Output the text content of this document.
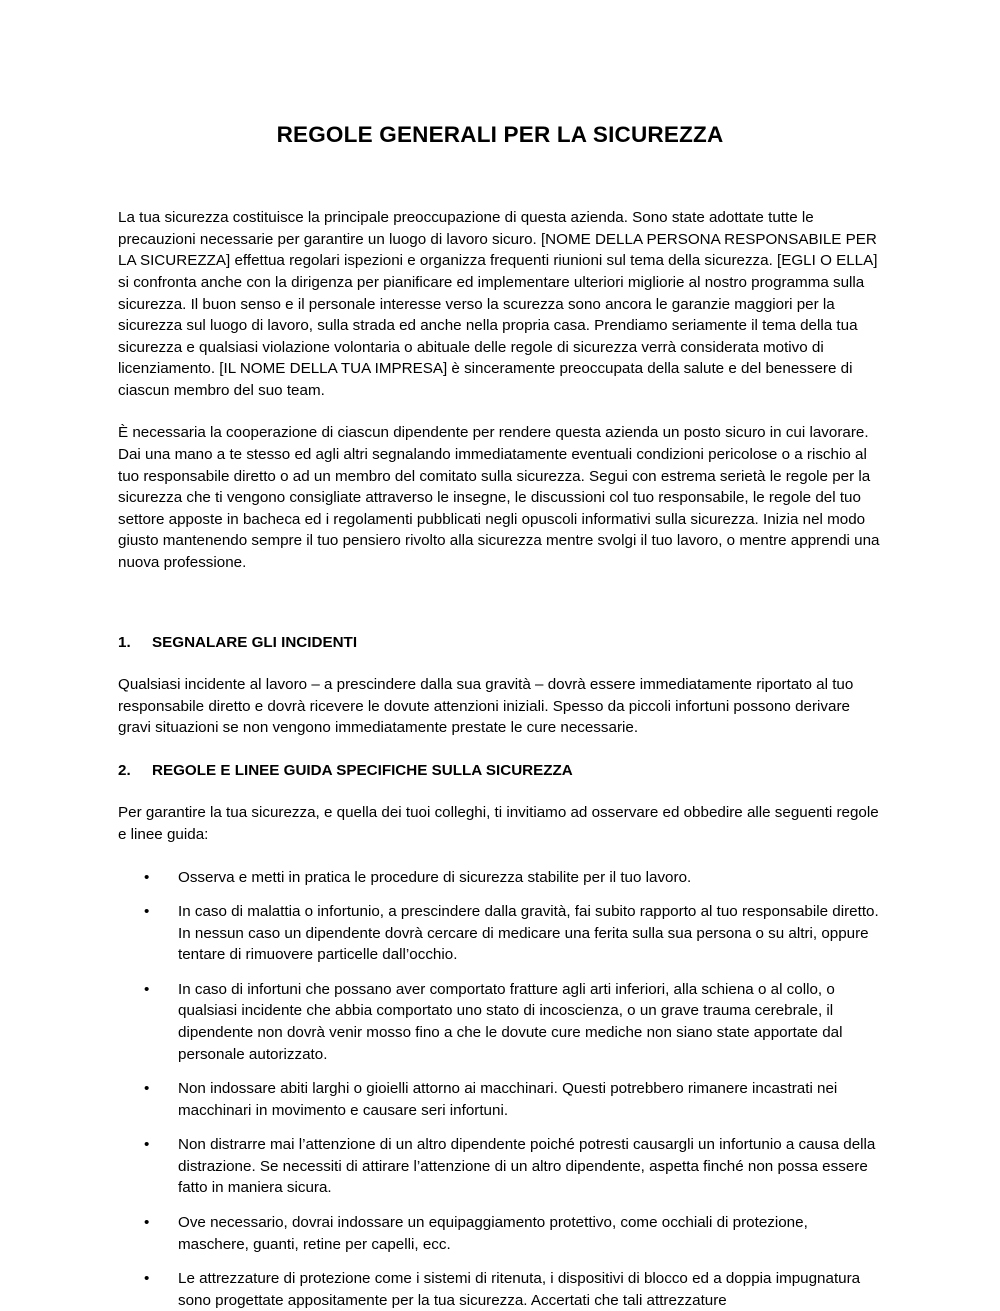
REGOLE GENERALI PER LA SICUREZZA

La tua sicurezza costituisce la principale preoccupazione di questa azienda. Sono state adottate tutte le precauzioni necessarie per garantire un luogo di lavoro sicuro. [NOME DELLA PERSONA RESPONSABILE PER LA SICUREZZA] effettua regolari ispezioni e organizza frequenti riunioni sul tema della sicurezza. [EGLI O ELLA] si confronta anche con la dirigenza per pianificare ed implementare ulteriori migliorie al nostro programma sulla sicurezza. Il buon senso e il personale interesse verso la scurezza sono ancora le garanzie maggiori per la sicurezza sul luogo di lavoro, sulla strada ed anche nella propria casa. Prendiamo seriamente il tema della tua sicurezza e qualsiasi violazione volontaria o abituale delle regole di sicurezza verrà considerata motivo di licenziamento. [IL NOME DELLA TUA IMPRESA] è sinceramente preoccupata della salute e del benessere di ciascun membro del suo team.

È necessaria la cooperazione di ciascun dipendente per rendere questa azienda un posto sicuro in cui lavorare. Dai una mano a te stesso ed agli altri segnalando immediatamente eventuali condizioni pericolose o a rischio al tuo responsabile diretto o ad un membro del comitato sulla sicurezza. Segui con estrema serietà le regole per la sicurezza che ti vengono consigliate attraverso le insegne, le discussioni col tuo responsabile, le regole del tuo settore apposte in bacheca ed i regolamenti pubblicati negli opuscoli informativi sulla sicurezza. Inizia nel modo giusto mantenendo sempre il tuo pensiero rivolto alla sicurezza mentre svolgi il tuo lavoro, o mentre apprendi una nuova professione.

1.	SEGNALARE GLI INCIDENTI

Qualsiasi incidente al lavoro – a prescindere dalla sua gravità – dovrà essere immediatamente riportato al tuo responsabile diretto e dovrà ricevere le dovute attenzioni iniziali. Spesso da piccoli infortuni possono derivare gravi situazioni se non vengono immediatamente prestate le cure necessarie.

2.	REGOLE E LINEE GUIDA SPECIFICHE SULLA SICUREZZA

Per garantire la tua sicurezza, e quella dei tuoi colleghi, ti invitiamo ad osservare ed obbedire alle seguenti regole e linee guida:

• Osserva e metti in pratica le procedure di sicurezza stabilite per il tuo lavoro.
• In caso di malattia o infortunio, a prescindere dalla gravità, fai subito rapporto al tuo responsabile diretto. In nessun caso un dipendente dovrà cercare di medicare una ferita sulla sua persona o su altri, oppure tentare di rimuovere particelle dall’occhio.
• In caso di infortuni che possano aver comportato fratture agli arti inferiori, alla schiena o al collo, o qualsiasi incidente che abbia comportato uno stato di incoscienza, o un grave trauma cerebrale, il dipendente non dovrà venir mosso fino a che le dovute cure mediche non siano state apportate dal personale autorizzato.
• Non indossare abiti larghi o gioielli attorno ai macchinari. Questi potrebbero rimanere incastrati nei macchinari in movimento e causare seri infortuni.
• Non distrarre mai l’attenzione di un altro dipendente poiché potresti causargli un infortunio a causa della distrazione. Se necessiti di attirare l’attenzione di un altro dipendente, aspetta finché non possa essere fatto in maniera sicura.
• Ove necessario, dovrai indossare un equipaggiamento protettivo, come occhiali di protezione, maschere, guanti, retine per capelli, ecc.
• Le attrezzature di protezione come i sistemi di ritenuta, i dispositivi di blocco ed a doppia impugnatura sono progettate appositamente per la tua sicurezza. Accertati che tali attrezzature
